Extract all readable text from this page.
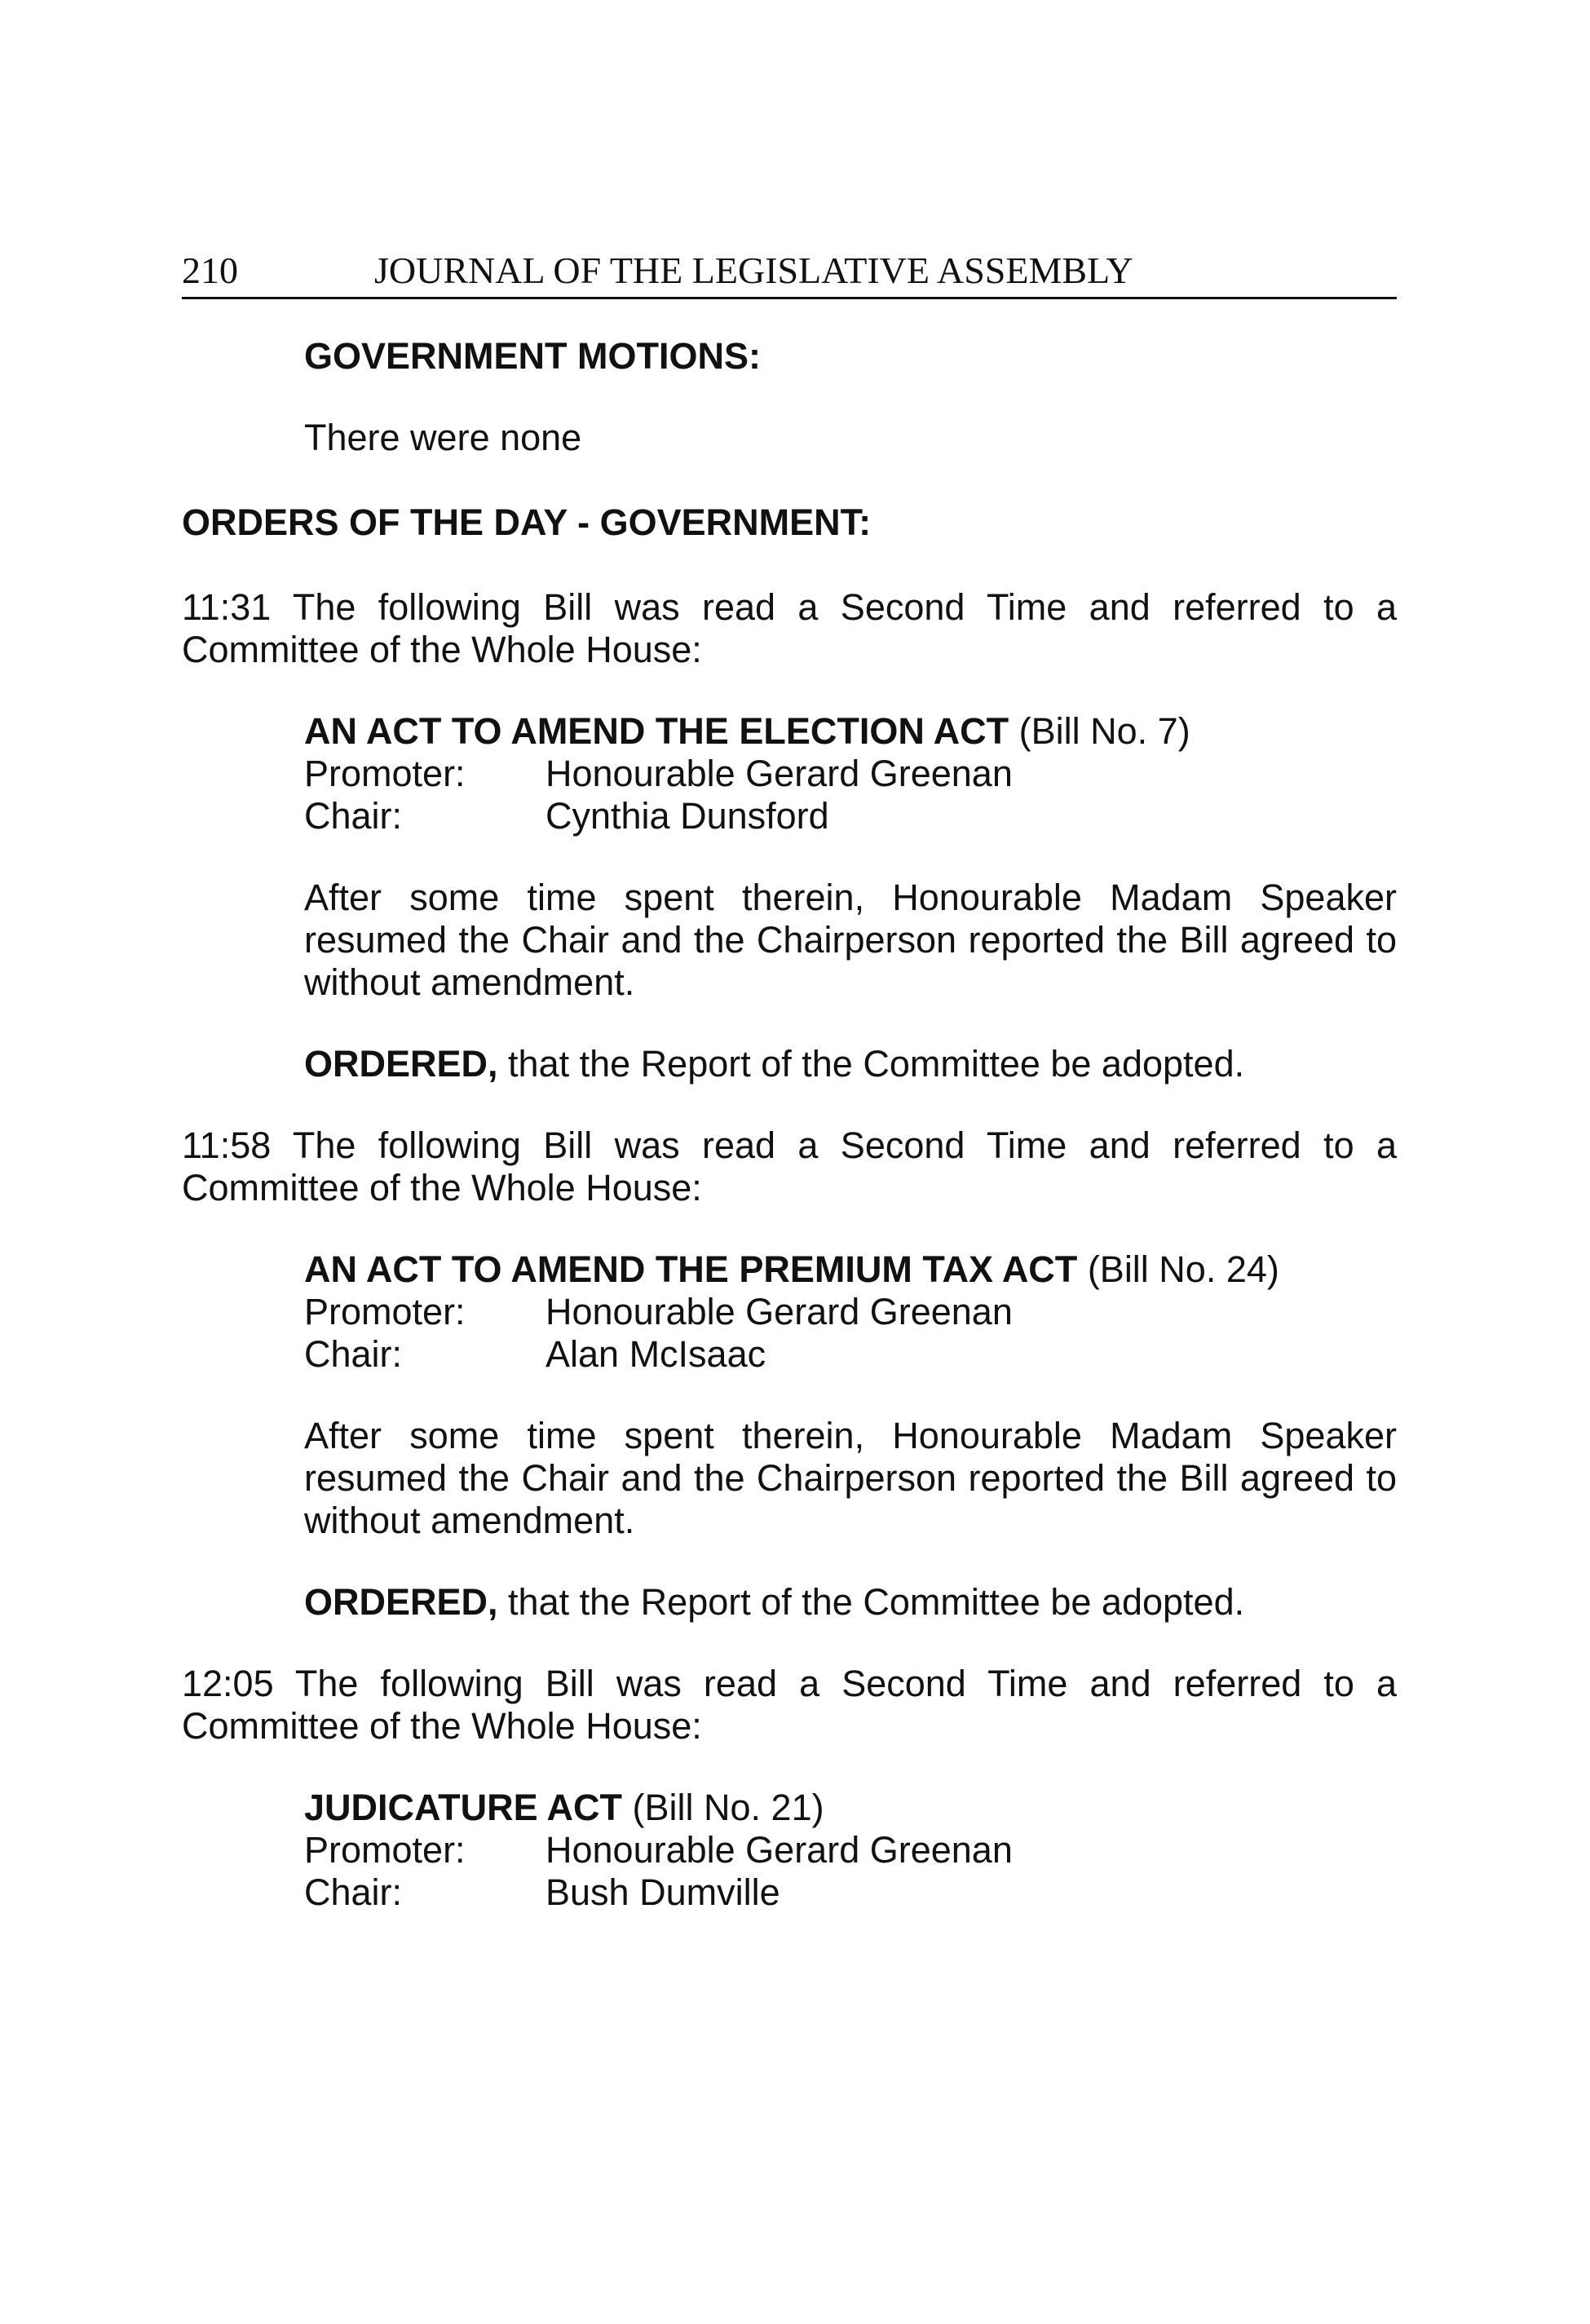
210	JOURNAL OF THE LEGISLATIVE ASSEMBLY

GOVERNMENT MOTIONS:

There were none

ORDERS OF THE DAY - GOVERNMENT:

11:31 The following Bill was read a Second Time and referred to a Committee of the Whole House:

AN ACT TO AMEND THE ELECTION ACT (Bill No. 7)

Promoter:	Honourable Gerard Greenan
Chair:	Cynthia Dunsford

After some time spent therein, Honourable Madam Speaker resumed the Chair and the Chairperson reported the Bill agreed to without amendment.

ORDERED, that the Report of the Committee be adopted.

11:58 The following Bill was read a Second Time and referred to a Committee of the Whole House:

AN ACT TO AMEND THE PREMIUM TAX ACT (Bill No. 24)

Promoter:	Honourable Gerard Greenan
Chair:	Alan McIsaac

After some time spent therein, Honourable Madam Speaker resumed the Chair and the Chairperson reported the Bill agreed to without amendment.

ORDERED, that the Report of the Committee be adopted.

12:05 The following Bill was read a Second Time and referred to a Committee of the Whole House:

JUDICATURE ACT (Bill No. 21)

Promoter:	Honourable Gerard Greenan
Chair:	Bush Dumville
